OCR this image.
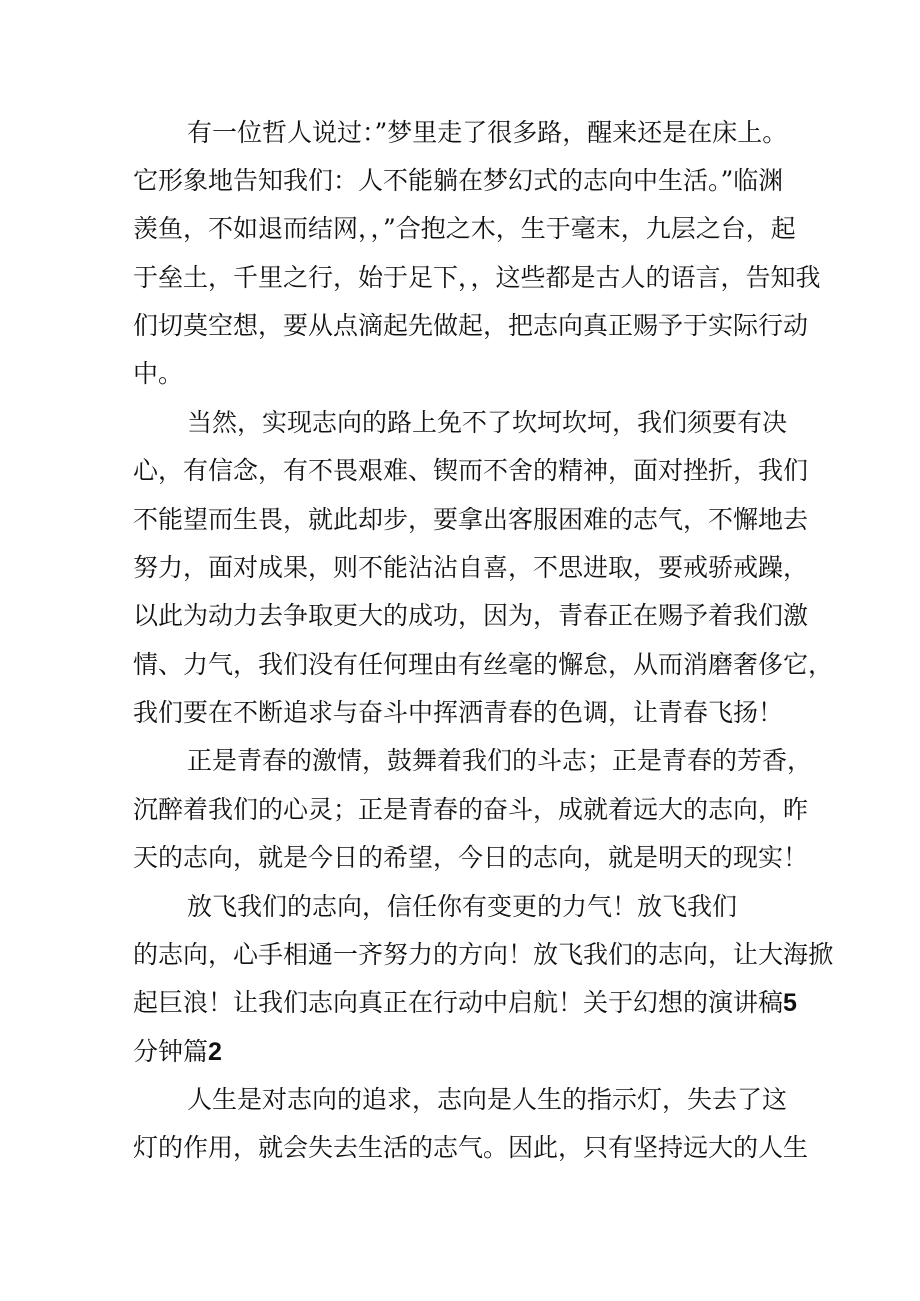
有一位哲人说过：”梦里走了很多路，醒来还是在床上。
它形象地告知我们：人不能躺在梦幻式的志向中生活。”临渊
羡鱼，不如退而结网，，”合抱之木，生于毫末，九层之台，起
于垒土，千里之行，始于足下，，这些都是古人的语言，告知我
们切莫空想，要从点滴起先做起，把志向真正赐予于实际行动
中。
当然，实现志向的路上免不了坎坷坎坷，我们须要有决
心，有信念，有不畏艰难、锲而不舍的精神，面对挫折，我们
不能望而生畏，就此却步，要拿出客服困难的志气，不懈地去
努力，面对成果，则不能沾沾自喜，不思进取，要戒骄戒躁，
以此为动力去争取更大的成功，因为，青春正在赐予着我们激
情、力气，我们没有任何理由有丝毫的懈怠，从而消磨奢侈它，
我们要在不断追求与奋斗中挥洒青春的色调，让青春飞扬！
正是青春的激情，鼓舞着我们的斗志；正是青春的芳香，
沉醉着我们的心灵；正是青春的奋斗，成就着远大的志向，昨
天的志向，就是今日的希望，今日的志向，就是明天的现实！
放飞我们的志向，信任你有变更的力气！放飞我们
的志向，心手相通一齐努力的方向！放飞我们的志向，让大海掀
起巨浪！让我们志向真正在行动中启航！关于幻想的演讲稿5
分钟篇2
人生是对志向的追求，志向是人生的指示灯，失去了这
灯的作用，就会失去生活的志气。因此，只有坚持远大的人生
